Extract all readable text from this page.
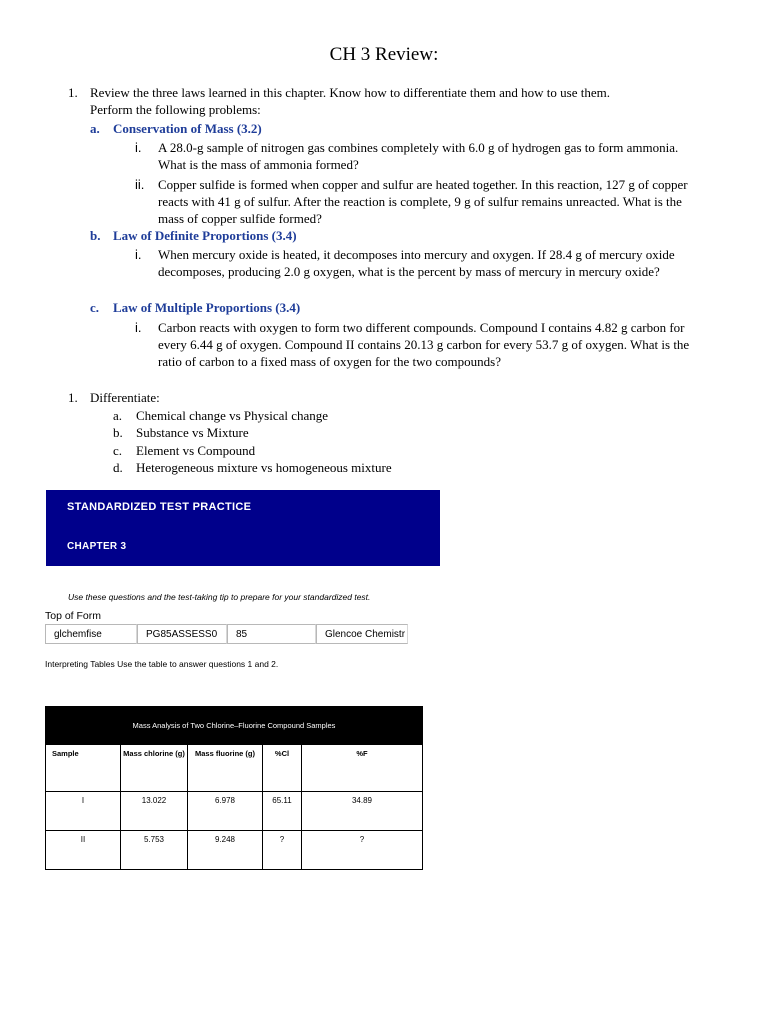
CH 3 Review:
1. Review the three laws learned in this chapter. Know how to differentiate them and how to use them.
Perform the following problems:
a. Conservation of Mass (3.2)
i. A 28.0-g sample of nitrogen gas combines completely with 6.0 g of hydrogen gas to form ammonia.
What is the mass of ammonia formed?
ii. Copper sulfide is formed when copper and sulfur are heated together. In this reaction, 127 g of copper
reacts with 41 g of sulfur. After the reaction is complete, 9 g of sulfur remains unreacted. What is the
mass of copper sulfide formed?
b. Law of Definite Proportions (3.4)
i. When mercury oxide is heated, it decomposes into mercury and oxygen. If 28.4 g of mercury oxide
decomposes, producing 2.0 g oxygen, what is the percent by mass of mercury in mercury oxide?
c. Law of Multiple Proportions (3.4)
i. Carbon reacts with oxygen to form two different compounds. Compound I contains 4.82 g carbon for
every 6.44 g of oxygen. Compound II contains 20.13 g carbon for every 53.7 g of oxygen. What is the
ratio of carbon to a fixed mass of oxygen for the two compounds?
1. Differentiate:
a. Chemical change vs Physical change
b. Substance vs Mixture
c. Element vs Compound
d. Heterogeneous mixture vs homogeneous mixture
STANDARDIZED TEST PRACTICE
CHAPTER 3
Use these questions and the test-taking tip to prepare for your standardized test.
Top of Form
glchemfise	PG85ASSESS0	85	Glencoe Chemistr
Interpreting Tables Use the table to answer questions 1 and 2.
Mass Analysis of Two Chlorine–Fluorine Compound Samples				
Sample	Mass chlorine (g)	Mass fluorine (g)	%Cl	%F
I	13.022	6.978	65.11	34.89
II	5.753	9.248	?	?
